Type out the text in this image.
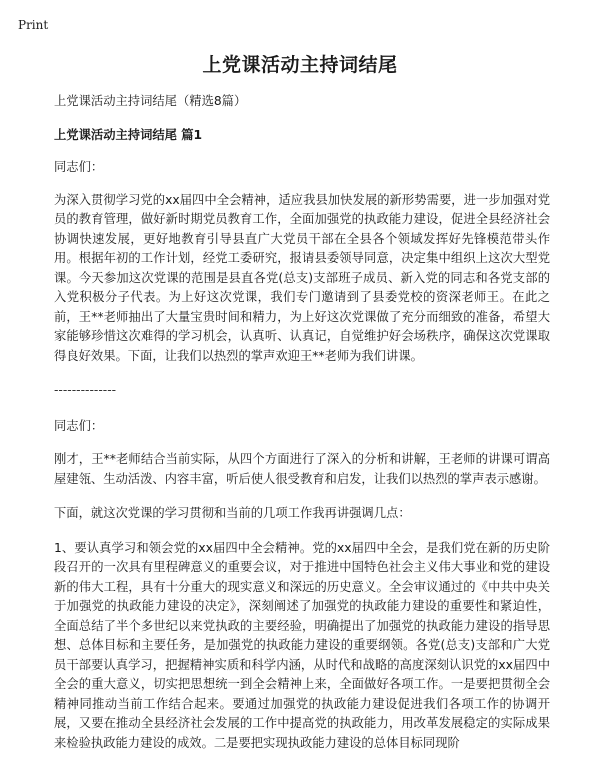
Print
上党课活动主持词结尾

上党课活动主持词结尾（精选8篇）

上党课活动主持词结尾 篇1

同志们：

为深入贯彻学习党的xx届四中全会精神，适应我县加快发展的新形势需要，进一步加强对党员的教育管理，做好新时期党员教育工作，全面加强党的执政能力建设，促进全县经济社会协调快速发展，更好地教育引导县直广大党员干部在全县各个领域发挥好先锋模范带头作用。根据年初的工作计划，经党工委研究，报请县委领导同意，决定集中组织上这次大型党课。今天参加这次党课的范围是县直各党(总支)支部班子成员、新入党的同志和各党支部的入党积极分子代表。为上好这次党课，我们专门邀请到了县委党校的资深老师王。在此之前，王**老师抽出了大量宝贵时间和精力，为上好这次党课做了充分而细致的准备，希望大家能够珍惜这次难得的学习机会，认真听、认真记，自觉维护好会场秩序，确保这次党课取得良好效果。下面，让我们以热烈的掌声欢迎王**老师为我们讲课。

--------------

同志们：

刚才，王**老师结合当前实际，从四个方面进行了深入的分析和讲解，王老师的讲课可谓高屋建瓴、生动活泼、内容丰富，听后使人很受教育和启发，让我们以热烈的掌声表示感谢。

下面，就这次党课的学习贯彻和当前的几项工作我再讲强调几点：

1、要认真学习和领会党的xx届四中全会精神。党的xx届四中全会，是我们党在新的历史阶段召开的一次具有里程碑意义的重要会议，对于推进中国特色社会主义伟大事业和党的建设新的伟大工程，具有十分重大的现实意义和深远的历史意义。全会审议通过的《中共中央关于加强党的执政能力建设的决定》，深刻阐述了加强党的执政能力建设的重要性和紧迫性，全面总结了半个多世纪以来党执政的主要经验，明确提出了加强党的执政能力建设的指导思想、总体目标和主要任务，是加强党的执政能力建设的重要纲领。各党(总支)支部和广大党员干部要认真学习，把握精神实质和科学内涵，从时代和战略的高度深刻认识党的xx届四中全会的重大意义，切实把思想统一到全会精神上来，全面做好各项工作。一是要把贯彻全会精神同推动当前工作结合起来。要通过加强党的执政能力建设促进我们各项工作的协调开展，又要在推动全县经济社会发展的工作中提高党的执政能力，用改革发展稳定的实际成果来检验执政能力建设的成效。二是要把实现执政能力建设的总体目标同现阶
